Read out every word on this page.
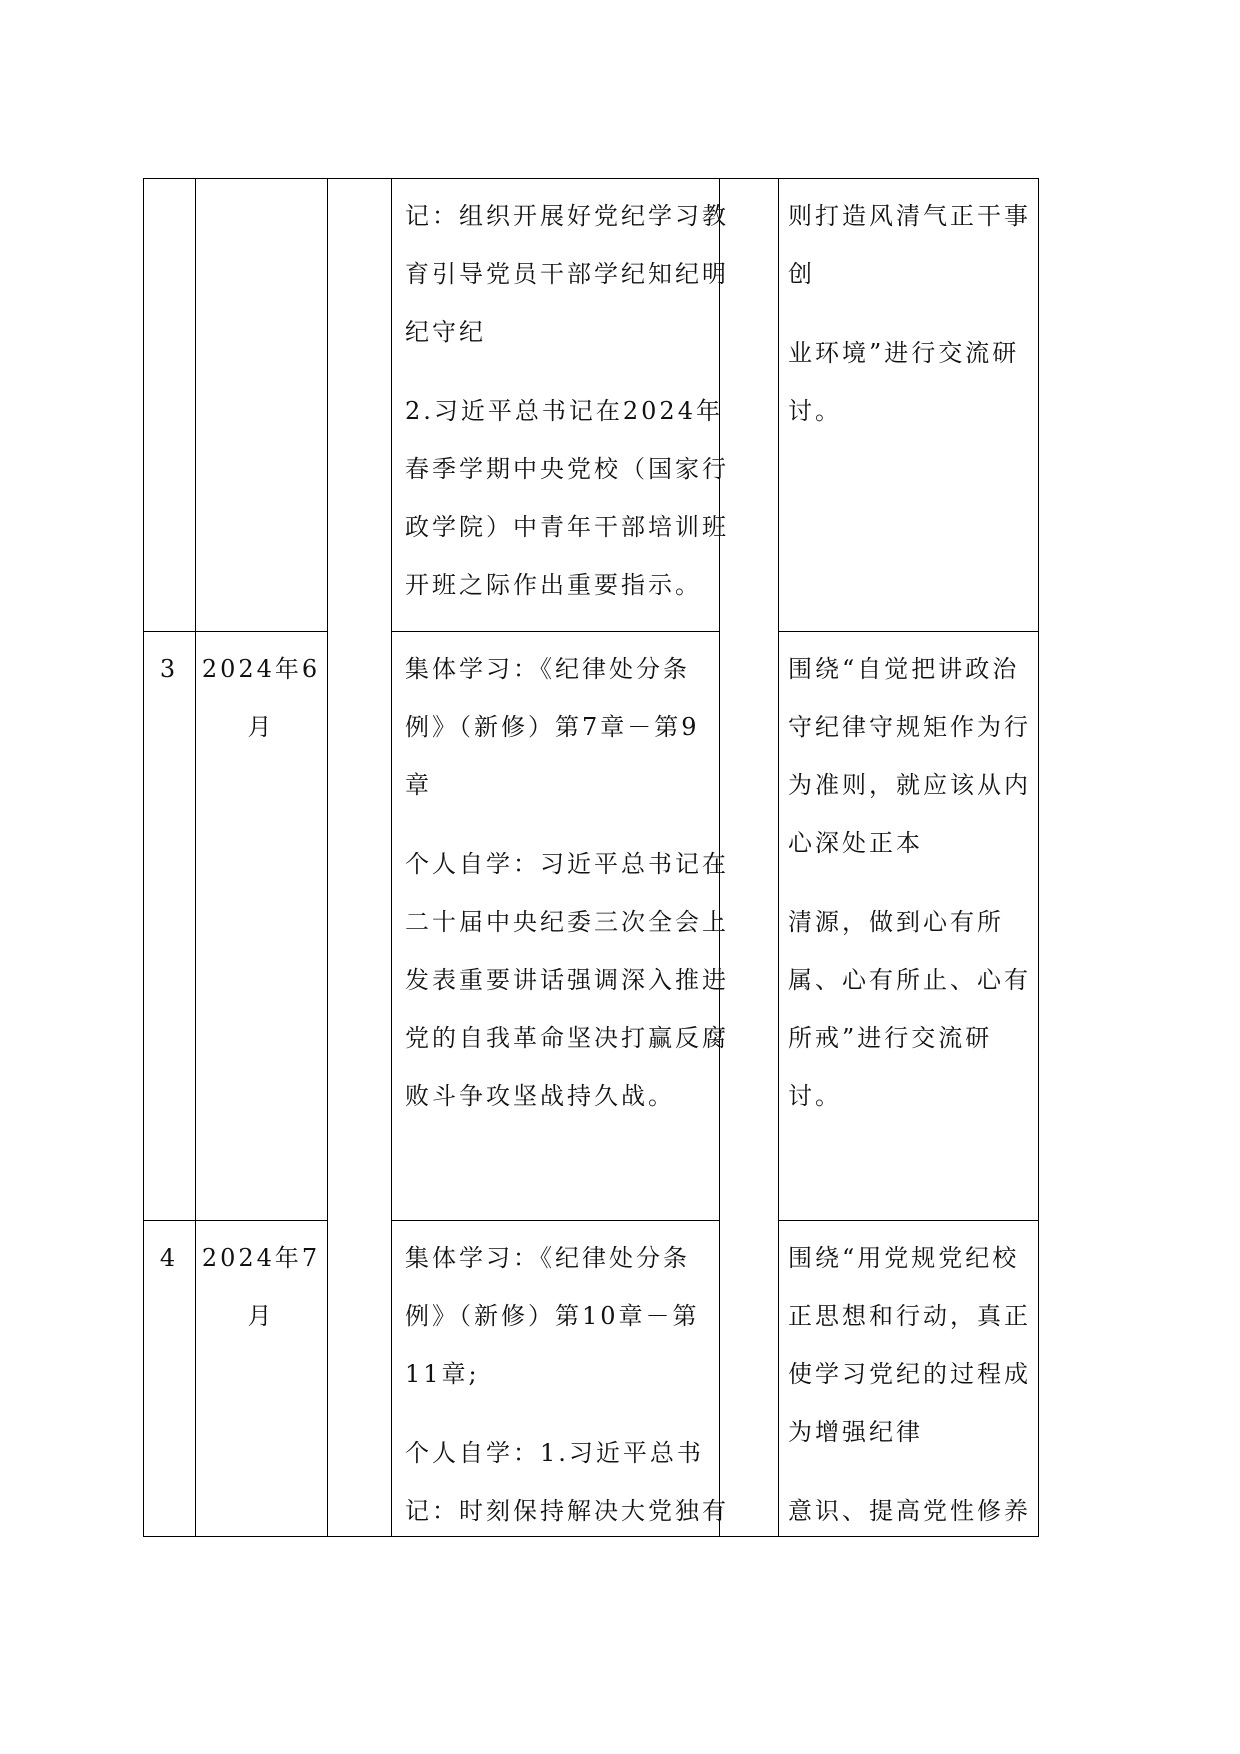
记：组织开展好党纪学习教
育引导党员干部学纪知纪明
纪守纪
2.习近平总书记在2024年
春季学期中央党校（国家行
政学院）中青年干部培训班
开班之际作出重要指示。
则打造风清气正干事
创
业环境”进行交流研
讨。
3 2024年6
月
集体学习：《纪律处分条
例》（新修）第7章－第9
章
个人自学：习近平总书记在
二十届中央纪委三次全会上
发表重要讲话强调深入推进
党的自我革命坚决打赢反腐
败斗争攻坚战持久战。
围绕“自觉把讲政治
守纪律守规矩作为行
为准则，就应该从内
心深处正本
清源，做到心有所
属、心有所止、心有
所戒”进行交流研
讨。
4 2024年7
月
集体学习：《纪律处分条
例》（新修）第10章－第
11章;
个人自学：1.习近平总书
记：时刻保持解决大党独有
围绕“用党规党纪校
正思想和行动，真正
使学习党纪的过程成
为增强纪律
意识、提高党性修养
